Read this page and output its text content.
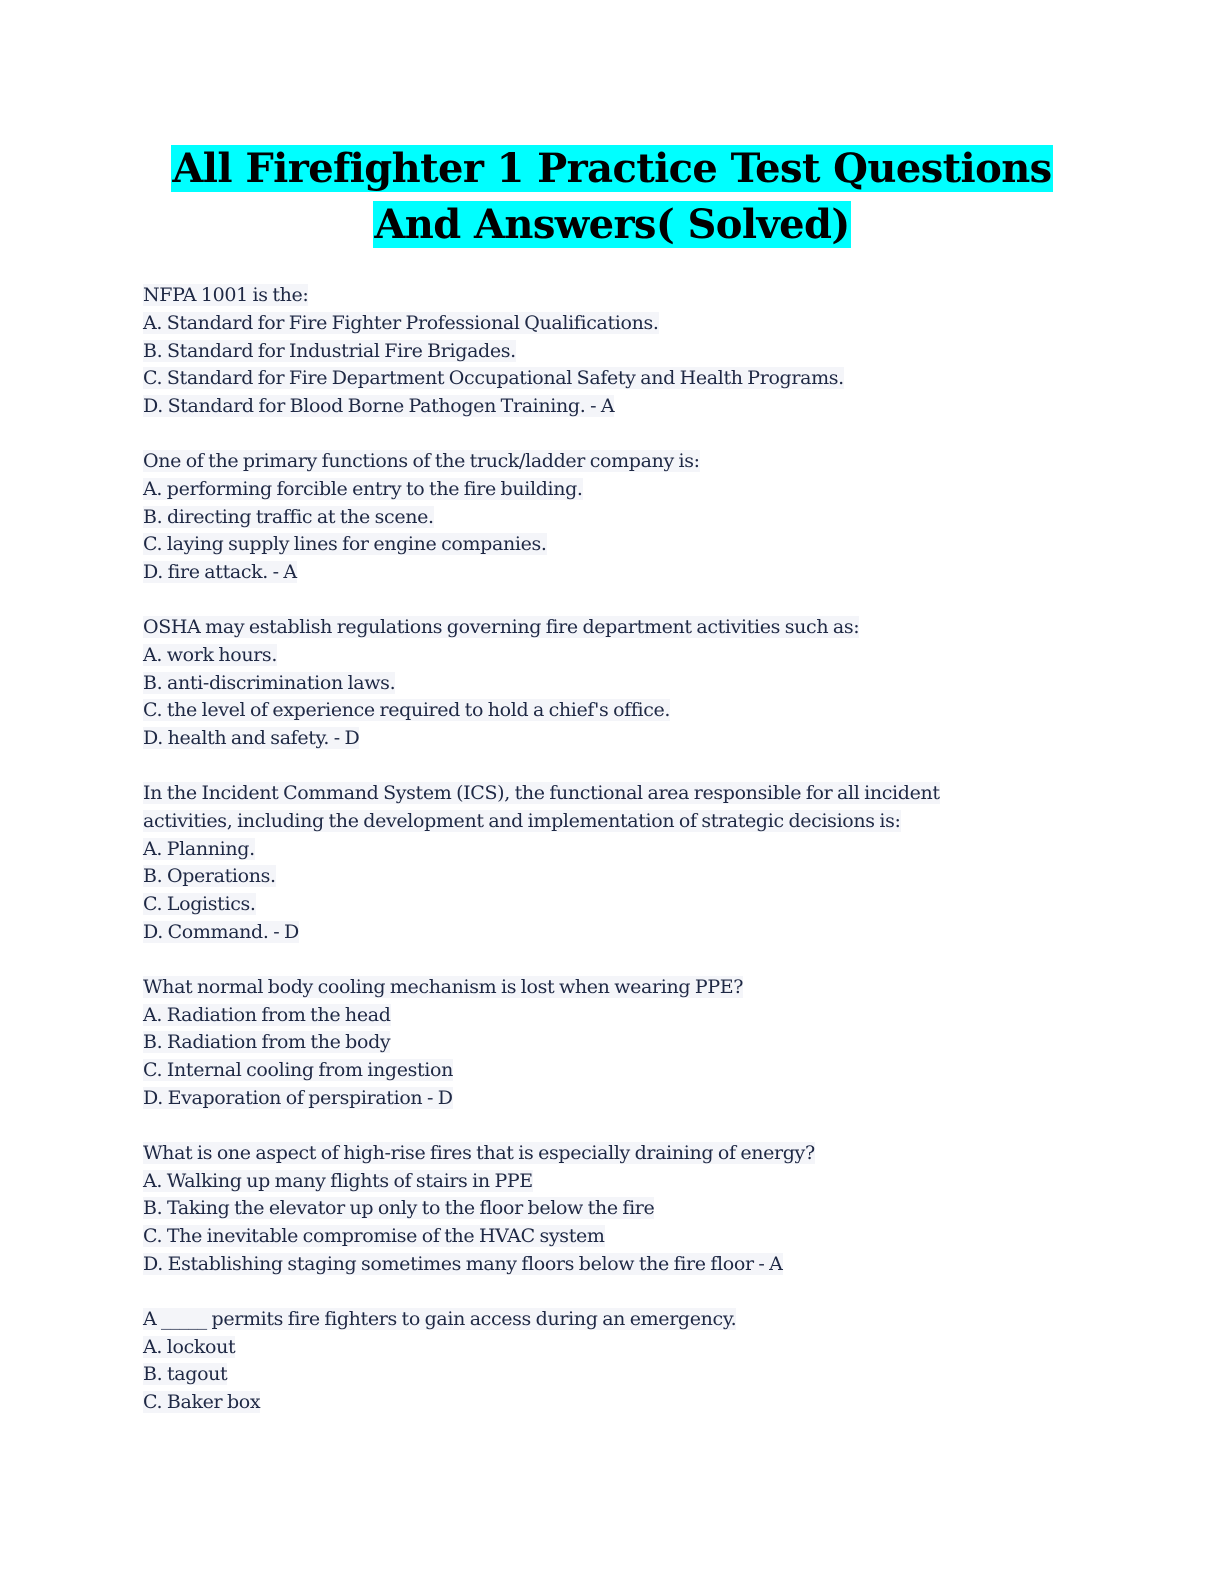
All Firefighter 1 Practice Test Questions
And Answers( Solved)
NFPA 1001 is the:
A. Standard for Fire Fighter Professional Qualifications.
B. Standard for Industrial Fire Brigades.
C. Standard for Fire Department Occupational Safety and Health Programs.
D. Standard for Blood Borne Pathogen Training. - A
One of the primary functions of the truck/ladder company is:
A. performing forcible entry to the fire building.
B. directing traffic at the scene.
C. laying supply lines for engine companies.
D. fire attack. - A
OSHA may establish regulations governing fire department activities such as:
A. work hours.
B. anti-discrimination laws.
C. the level of experience required to hold a chief's office.
D. health and safety. - D
In the Incident Command System (ICS), the functional area responsible for all incident
activities, including the development and implementation of strategic decisions is:
A. Planning.
B. Operations.
C. Logistics.
D. Command. - D
What normal body cooling mechanism is lost when wearing PPE?
A. Radiation from the head
B. Radiation from the body
C. Internal cooling from ingestion
D. Evaporation of perspiration - D
What is one aspect of high-rise fires that is especially draining of energy?
A. Walking up many flights of stairs in PPE
B. Taking the elevator up only to the floor below the fire
C. The inevitable compromise of the HVAC system
D. Establishing staging sometimes many floors below the fire floor - A
A _____ permits fire fighters to gain access during an emergency.
A. lockout
B. tagout
C. Baker box
